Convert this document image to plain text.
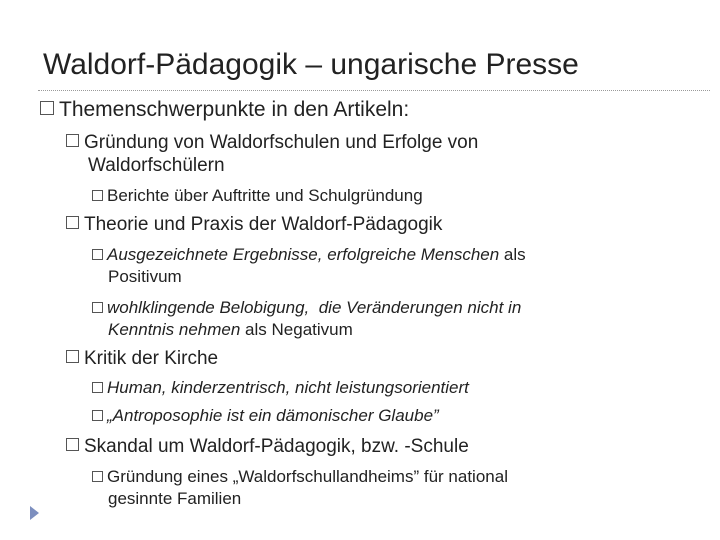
Waldorf-Pädagogik – ungarische Presse
Themenschwerpunkte in den Artikeln:
Gründung von Waldorfschulen und Erfolge von
Waldorfschülern
Berichte über Auftritte und Schulgründung
Theorie und Praxis der Waldorf-Pädagogik
Ausgezeichnete Ergebnisse, erfolgreiche Menschen als
Positivum
wohlklingende Belobigung,  die Veränderungen nicht in
Kenntnis nehmen als Negativum
Kritik der Kirche
Human, kinderzentrisch, nicht leistungsorientiert
„Antroposophie ist ein dämonischer Glaube”
Skandal um Waldorf-Pädagogik, bzw. -Schule
Gründung eines „Waldorfschullandheims” für national
gesinnte Familien
